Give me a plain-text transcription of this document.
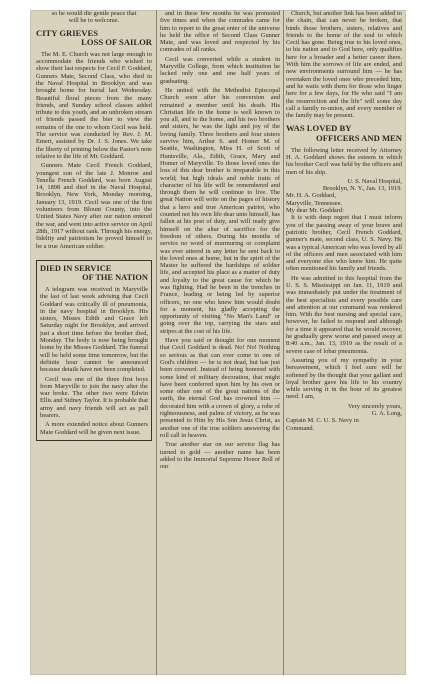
so he would die gentle peace that

will be to welcome.

CITY GRIEVES
LOSS OF SAILOR

The M. E. Church was not large enough to accommodate the friends who wished to show their last respects for Cecil F. Goddard, Gunners Mate, Second Class, who died in the Naval Hospital in Brooklyn and was brought home for burial last Wednesday. Beautiful floral pieces from the many friends, and Sunday school classes added tribute to this youth, and an unbroken stream of friends passed the bier to view the remains of the one to whom Cecil was held. The service was conducted by Rev. J. M. Emert, assisted by Dr. J. S. Jones. We take the liberty of printing below the Pastor's note relative to the life of Mr. Goddard.

Gunners Mate Cecil French Goddard, youngest son of the late J. Monroe and Tenella French Goddard, was born August 14, 1898 and died in the Naval Hospital, Brooklyn, New York, Monday morning, January 13, 1919. Cecil was one of the first volunteers from Blount County, into the United States Navy after our nation entered the war, and went into active service on April 28th, 1917 without rank. Through his energy, fidelity and patriotism he proved himself to be a true American soldier.

DIED IN SERVICE
OF THE NATION

A telegram was received in Maryville the last of last week advising that Cecil Goddard was critically ill of pneumonia, in the navy hospital in Brooklyn. His sisters, Misses Edith and Grace left Saturday night for Brooklyn, and arrived just a short time before the brother died, Monday. The body is now being brought home by the Misses Goddard. The funeral will be held some time tomorrow, but the definite hour cannot be announced because details have not been completed.

Cecil was one of the three first boys from Maryville to join the navy after the war broke. The other two were Edwin Ellis and Sidney Taylor. It is probable that army and navy friends will act as pall bearers.

A more extended notice about Gunners Mate Goddard will be given next issue.

and in these few months he was promoted five times and when the comrades came for him to report to the great enter of the universe he held the office of Second Class Gunner Mate, and was loved and respected by his comrades of all ranks.

Cecil was converted while a student in Maryville College, from which institution he lacked only one and one half years of graduating.

He united with the Methodist Episcopal Church soon after his conversion and remained a member until his death. His Christian life in the home is well known to you all, and to the home, and his two brothers and sisters, he was the light and joy of the loving family. Three brothers and four sisters survive him, Arthur S. and Homer M. of Seattle, Washington, Miss H. of Scott of Huntsville, Ala., Edith, Grace, Mary and Homer of Maryville. To those loved ones the loss of this dear brother is irreparable in this world; but high ideals and noble traits of character of his life will be remembered and through them he will continue to live. The great Nation will write on the pages of history that a hero and true American patriot, who counted not his own life dear unto himself, has fallen at his post of duty, and will ready give himself on the altar of sacrifice for the freedom of others. During his months of service no word of murmuring or complaint was ever uttered in any letter he sent back to the loved ones at home, but in the spirit of the Master he suffered the hardships of soldier life, and accepted his place as a matter of duty and loyalty to the great cause for which he was fighting. Had he been in the trenches in France, leading or being led by superior officers, no one who knew him would doubt for a moment, his gladly accepting the opportunity of visiting "No Man's Land" or going over the top, carrying the stars and stripes at the cost of his life.

Have you said or thought for one moment that Cecil Goddard is dead. No! No! Nothing so serious as that can ever come to one of God's children — he is not dead, but has just been crowned. Instead of being honored with some kind of military decoration, that might have been conferred upon him by his own or some other one of the great nations of the earth, the eternal God has crowned him — decorated him with a crown of glory, a robe of righteousness, and palms of victory, as he was presented to Him by His Son Jesus Christ, as another one of the true soldiers answering the roll call in heaven.

True another star on our service flag has turned to gold — another name has been added to the Immortal Supreme Honor Roll of our

Church, but another link has been added to the chain, that can never be broken, that binds those brothers, sisters, relatives and friends to the home of the soul to which Cecil has gone. Being true to his loved ones, to his nation and to God here, only qualifies here for a broader and a better career there. With him the sorrows of life are ended, and new environments surround him — he has overtaken the loved ones who preceded him, and he waits with them for those who linger here for a few days, for He who said "I am the resurrection and the life" will some day call a family re-union, and every member of the family may be present.

WAS LOVED BY
OFFICERS AND MEN

The following letter received by Attorney H. A. Goddard shows the esteem in which his brother Cecil was held by the officers and men of his ship.

U. S. Naval Hospital,

Brooklyn, N. Y., Jan. 13, 1919.

Mr. H. A. Goddard,

Maryville, Tennessee.

My dear Mr. Goddard:

It is with deep regret that I must inform you of the passing away of your brave and patriotic brother, Cecil French Goddard, gunner's mate, second class, U. S. Navy. He was a typical American who was loved by all of the officers and men associated with him and everyone else who knew him. He quite often mentioned his family and friends.

He was admitted to this hospital from the U. S. S. Mississippi on Jan. 11, 1919 and was immediately put under the treatment of the best specialists and every possible care and attention at our command was rendered him. With the best nursing and special care, however, he failed to respond and although for a time it appeared that he would recover, he gradually grew worse and passed away at 8:40 a.m., Jan. 13, 1919 as the result of a severe case of lobar pneumonia.

Assuring you of my sympathy in your bereavement, which I feel sure will be softened by the thought that your gallant and loyal brother gave his life to his country while serving it in the hour of its greatest need. I am,

Very sincerely yours,

G. A. Long,

Captain M. C. U. S. Navy in

Command.
